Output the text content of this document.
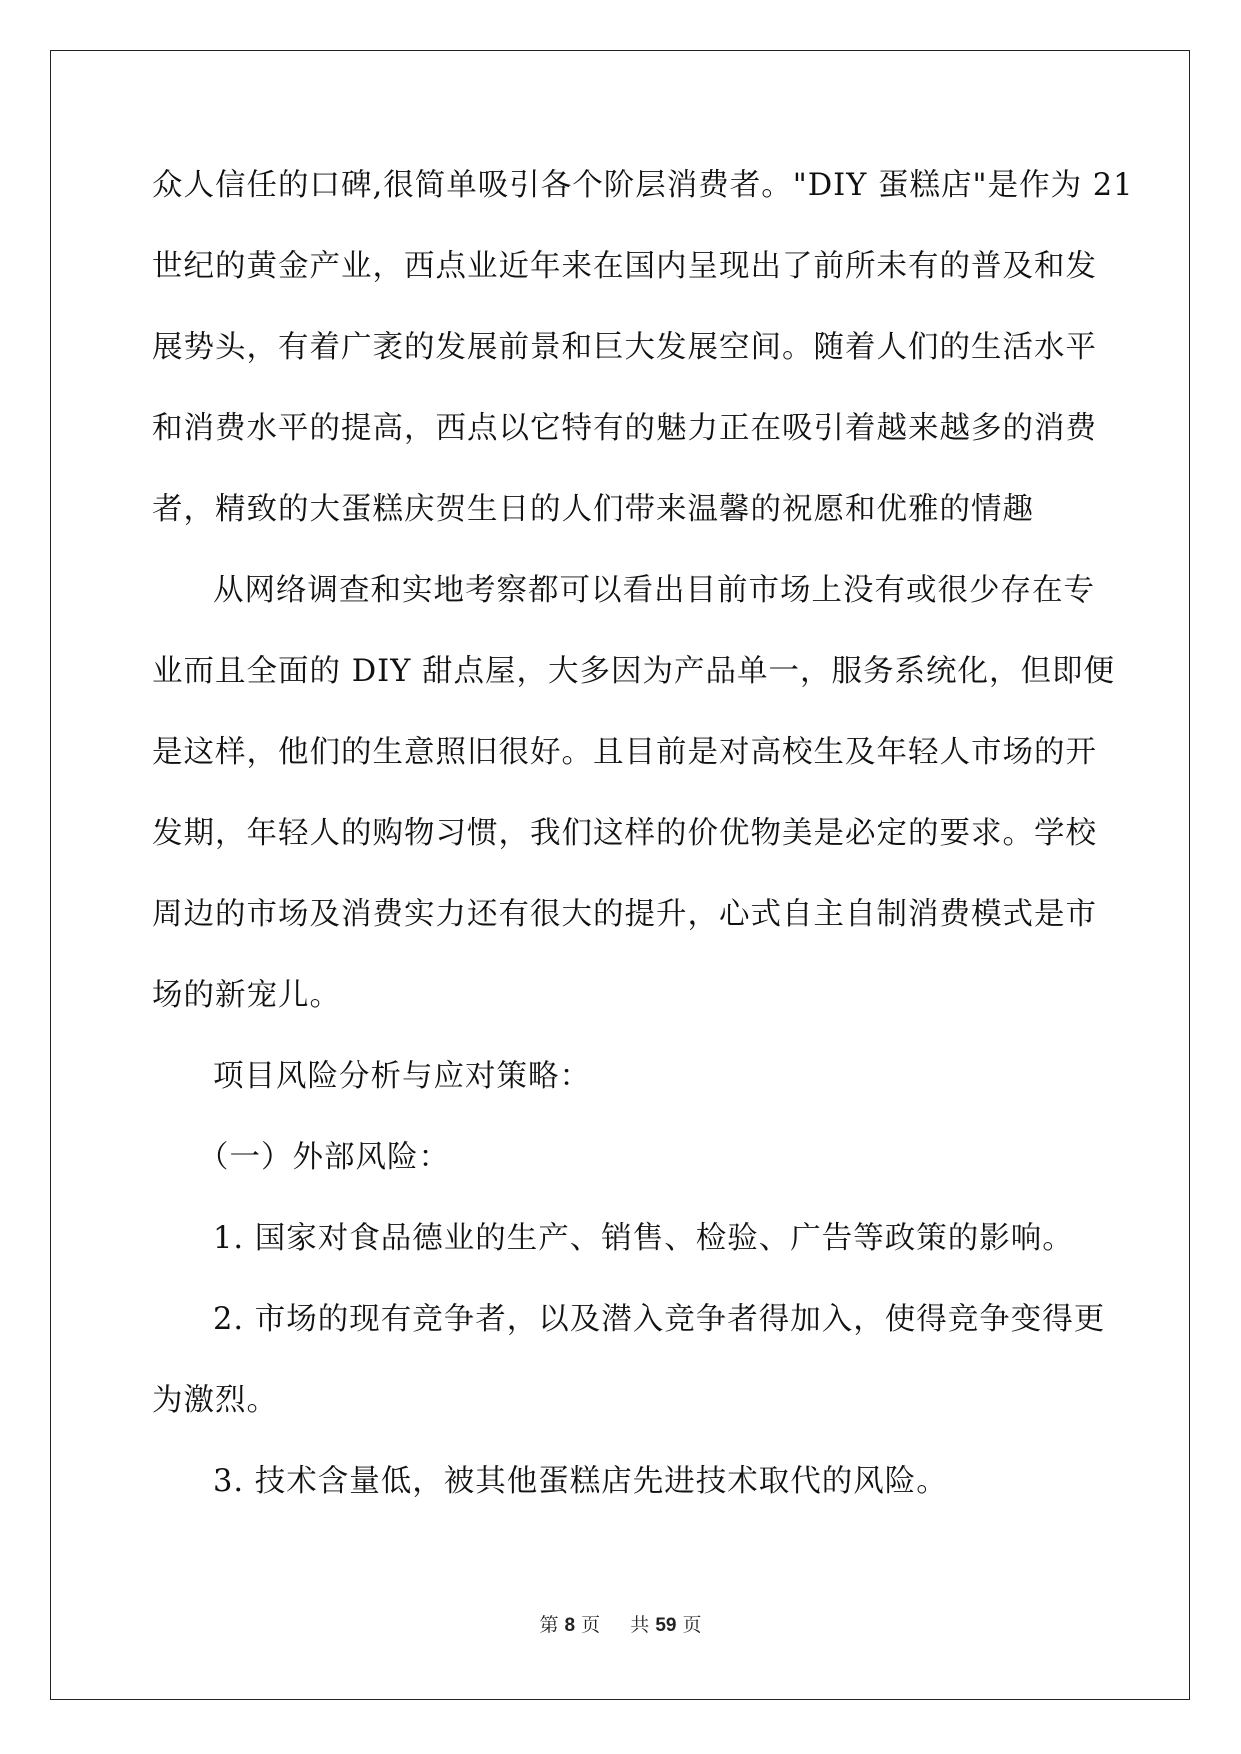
众人信任的口碑,很简单吸引各个阶层消费者。"DIY 蛋糕店"是作为 21
世纪的黄金产业，西点业近年来在国内呈现出了前所未有的普及和发
展势头，有着广袤的发展前景和巨大发展空间。随着人们的生活水平
和消费水平的提高，西点以它特有的魅力正在吸引着越来越多的消费
者，精致的大蛋糕庆贺生日的人们带来温馨的祝愿和优雅的情趣
从网络调查和实地考察都可以看出目前市场上没有或很少存在专
业而且全面的 DIY 甜点屋，大多因为产品单一，服务系统化，但即便
是这样，他们的生意照旧很好。且目前是对高校生及年轻人市场的开
发期，年轻人的购物习惯，我们这样的价优物美是必定的要求。学校
周边的市场及消费实力还有很大的提升，心式自主自制消费模式是市
场的新宠儿。
项目风险分析与应对策略：
（一）外部风险：
1. 国家对食品德业的生产、销售、检验、广告等政策的影响。
2. 市场的现有竞争者，以及潜入竞争者得加入，使得竞争变得更
为激烈。
3. 技术含量低，被其他蛋糕店先进技术取代的风险。
第 8 页 共 59 页
